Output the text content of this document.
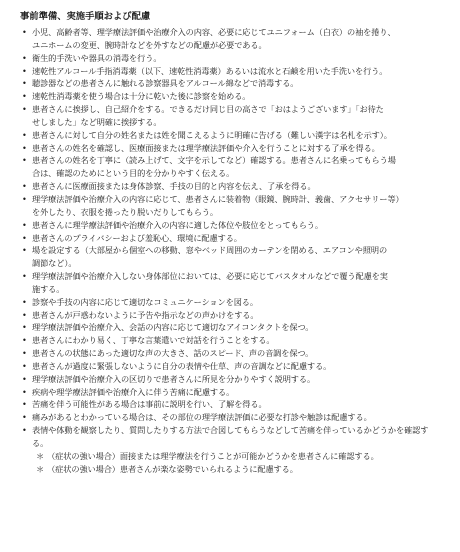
事前準備、実施手順および配慮
• 小児、高齢者等、理学療法評価や治療介入の内容、必要に応じてユニフォーム（白衣）の袖を捲り、
ユニホームの変更、腕時計などを外すなどの配慮が必要である。
• 衛生的手洗いや器具の消毒を行う。
• 速乾性アルコール手指消毒薬（以下、速乾性消毒薬）あるいは流水と石鹸を用いた手洗いを行う。
• 聴診器などの患者さんに触れる診察器具をアルコール綿などで消毒する。
• 速乾性消毒薬を使う場合は十分に乾いた後に診察を始める。
• 患者さんに挨拶し、自己紹介をする。できるだけ同じ目の高さで「おはようございます」「お待た
せしました」など明確に挨拶する。
• 患者さんに対して自分の姓名または姓を聞こえるように明確に告げる（難しい漢字は名札を示す）。
• 患者さんの姓名を確認し、医療面接または理学療法評価や介入を行うことに対する了承を得る。
• 患者さんの姓名を丁寧に（読み上げて、文字を示してなど）確認する。患者さんに名乗ってもらう場
合は、確認のためにという目的を分かりやすく伝える。
• 患者さんに医療面接または身体診察、手技の目的と内容を伝え、了承を得る。
• 理学療法評価や治療介入の内容に応じて、患者さんに装着物（眼鏡、腕時計、義歯、アクセサリー等）
を外したり、衣服を捲ったり脱いだりしてもらう。
• 患者さんに理学療法評価や治療介入の内容に適した体位や肢位をとってもらう。
• 患者さんのプライバシーおよび羞恥心、環境に配慮する。
• 場を設定する（大部屋から個室への移動、窓やベッド周囲のカーテンを閉める、エアコンや照明の
調節など）。
• 理学療法評価や治療介入しない身体部位においては、必要に応じてバスタオルなどで覆う配慮を実
施する。
• 診察や手技の内容に応じて適切なコミュニケーションを図る。
• 患者さんが戸惑わないように予告や指示などの声かけをする。
• 理学療法評価や治療介入、会話の内容に応じて適切なアイコンタクトを保つ。
• 患者さんにわかり易く、丁寧な言葉遣いで対話を行うことをする。
• 患者さんの状態にあった適切な声の大きさ、話のスピード、声の音調を保つ。
• 患者さんが過度に緊張しないように自分の表情や仕草、声の音調などに配慮する。
• 理学療法評価や治療介入の区切りで患者さんに所見を分かりやすく説明する。
• 疾病や理学療法評価や治療介入に伴う苦痛に配慮する。
• 苦痛を伴う可能性がある場合は事前に説明を行い、了解を得る。
• 痛みがあるとわかっている場合は、その部位の理学療法評価に必要な打診や触診は配慮する。
• 表情や体動を観察したり、質問したりする方法で合図してもらうなどして苦痛を伴っているかどうかを確認する。
＊ （症状の強い場合）面接または理学療法を行うことが可能かどうかを患者さんに確認する。
＊ （症状の強い場合）患者さんが楽な姿勢でいられるように配慮する。
